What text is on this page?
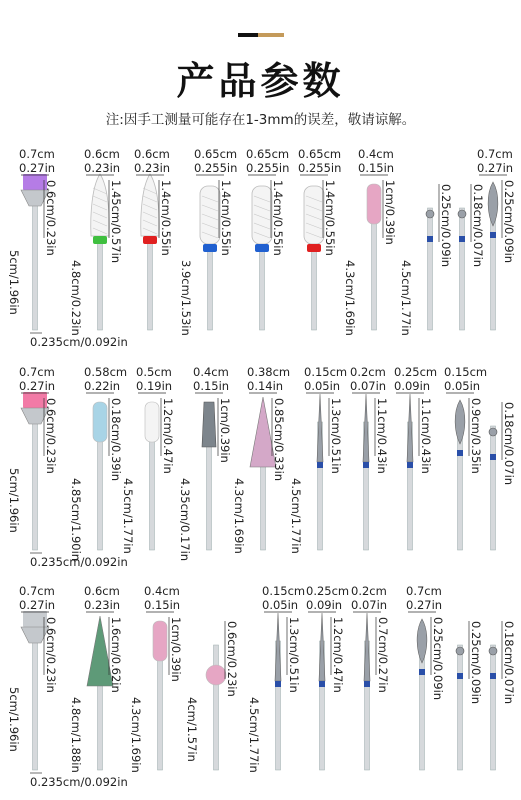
产品参数
注:因手工测量可能存在1-3mm的误差，敬请谅解。
0.7cm
0.27in
0.6cm/0.23in
5cm/1.96in
0.6cm
0.23in
1.45cm/0.57in
4.8cm/0.23in
0.6cm
0.23in
1.4cm/0.55in
0.65cm
0.255in
1.4cm/0.55in
3.9cm/1.53in
0.65cm
0.255in
1.4cm/0.55in
0.65cm
0.255in
1.4cm/0.55in
0.4cm
0.15in
1cm/0.39in
4.3cm/1.69in
0.25cm/0.09in
4.5cm/1.77in
0.18cm/0.07in
0.7cm
0.27in
0.25cm/0.09in
0.235cm/0.092in
0.7cm
0.27in
0.6cm/0.23in
5cm/1.96in
0.58cm
0.22in
0.18cm/0.39in
4.85cm/1.90in
0.5cm
0.19in
1.2cm/0.47in
4.5cm/1.77in
0.4cm
0.15in
1cm/0.39in
4.35cm/0.17in
0.38cm
0.14in
0.85cm/0.33in
4.3cm/1.69in
0.15cm
0.05in
1.3cm/0.51in
4.5cm/1.77in
0.2cm
0.07in
1.1cm/0.43in
0.25cm
0.09in
1.1cm/0.43in
0.15cm
0.05in
0.9cm/0.35in 0.18cm/0.07in
0.235cm/0.092in
0.7cm
0.27in
0.6cm/0.23in
5cm/1.96in
0.6cm
0.23in
1.6cm/0.62in
4.8cm/1.88in
0.4cm
0.15in
1cm/0.39in
4.3cm/1.69in
0.6cm/0.23in
4cm/1.57in
0.15cm
0.05in
1.3cm/0.51in
4.5cm/1.77in
0.25cm
0.09in
1.2cm/0.47in
0.2cm
0.07in
0.7cm/0.27in
0.7cm
0.27in
0.25cm/0.09in 0.25cm/0.09in 0.18cm/0.07in
0.235cm/0.092in
